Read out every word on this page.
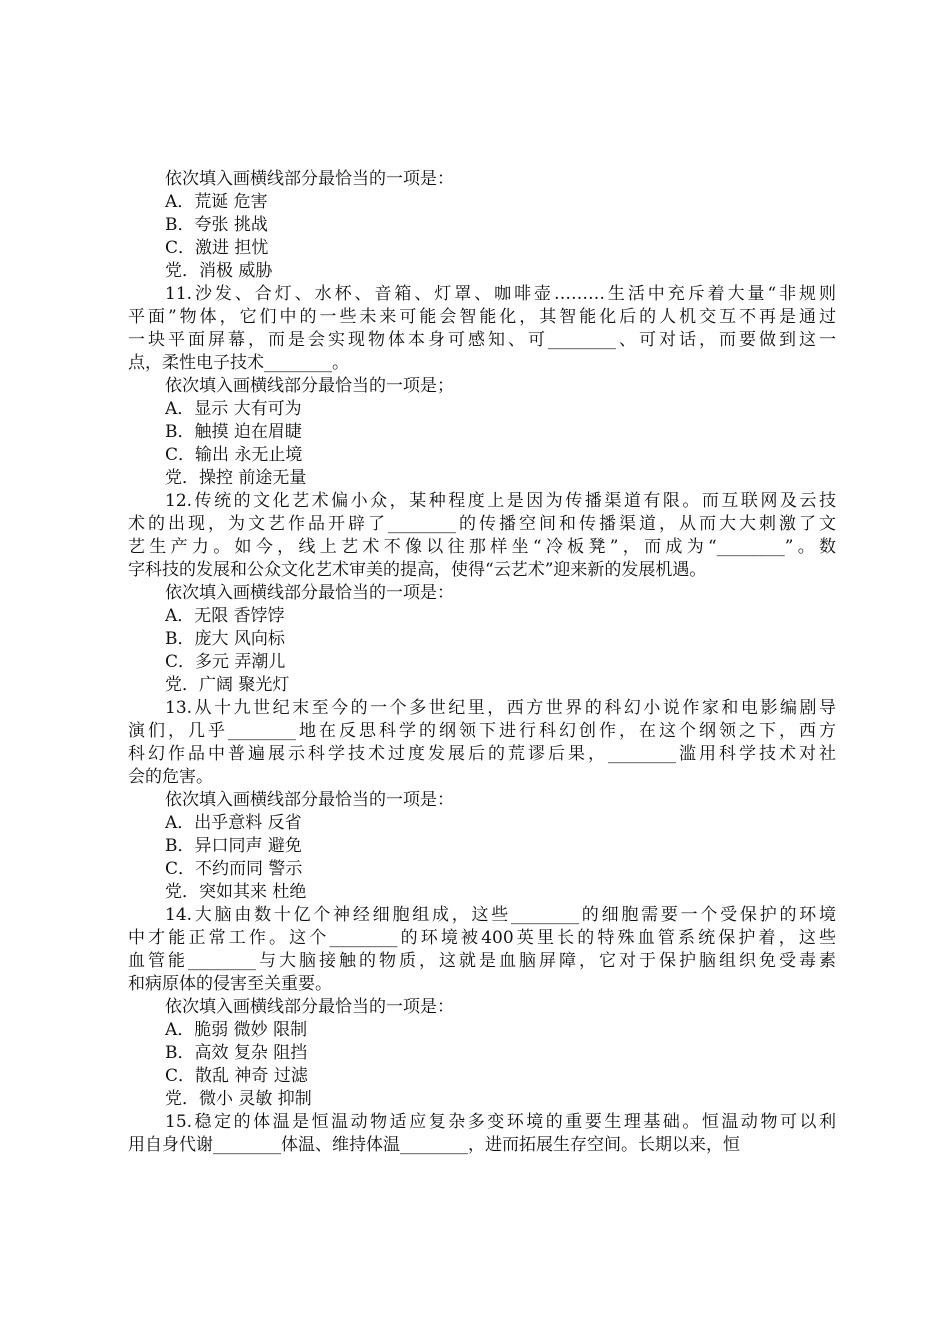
依次填入画横线部分最恰当的一项是：
A．荒诞 危害
B．夸张 挑战
C．激进 担忧
党．消极 威胁
11.沙发、合灯、水杯、音箱、灯罩、咖啡壶………生活中充斥着大量“非规则
平面”物体，它们中的一些未来可能会智能化，其智能化后的人机交互不再是通过
一块平面屏幕，而是会实现物体本身可感知、可________、可对话，而要做到这一
点，柔性电子技术________。
依次填入画横线部分最恰当的一项是；
A．显示 大有可为
B．触摸 迫在眉睫
C．输出 永无止境
党．操控 前途无量
12.传统的文化艺术偏小众，某种程度上是因为传播渠道有限。而互联网及云技
术的出现，为文艺作品开辟了________的传播空间和传播渠道，从而大大刺激了文
艺生产力。如今，线上艺术不像以往那样坐“冷板凳”，而成为“________”。数
字科技的发展和公众文化艺术审美的提高，使得“云艺术”迎来新的发展机遇。
依次填入画横线部分最恰当的一项是：
A．无限 香饽饽
B．庞大 风向标
C．多元 弄潮儿
党．广阔 聚光灯
13.从十九世纪末至今的一个多世纪里，西方世界的科幻小说作家和电影编剧导
演们，几乎________地在反思科学的纲领下进行科幻创作，在这个纲领之下，西方
科幻作品中普遍展示科学技术过度发展后的荒谬后果，________滥用科学技术对社
会的危害。
依次填入画横线部分最恰当的一项是：
A．出乎意料 反省
B．异口同声 避免
C．不约而同 警示
党．突如其来 杜绝
14.大脑由数十亿个神经细胞组成，这些________的细胞需要一个受保护的环境
中才能正常工作。这个________的环境被400英里长的特殊血管系统保护着，这些
血管能________与大脑接触的物质，这就是血脑屏障，它对于保护脑组织免受毒素
和病原体的侵害至关重要。
依次填入画横线部分最恰当的一项是：
A．脆弱 微妙 限制
B．高效 复杂 阻挡
C．散乱 神奇 过滤
党．微小 灵敏 抑制
15.稳定的体温是恒温动物适应复杂多变环境的重要生理基础。恒温动物可以利
用自身代谢________体温、维持体温________，进而拓展生存空间。长期以来，恒
